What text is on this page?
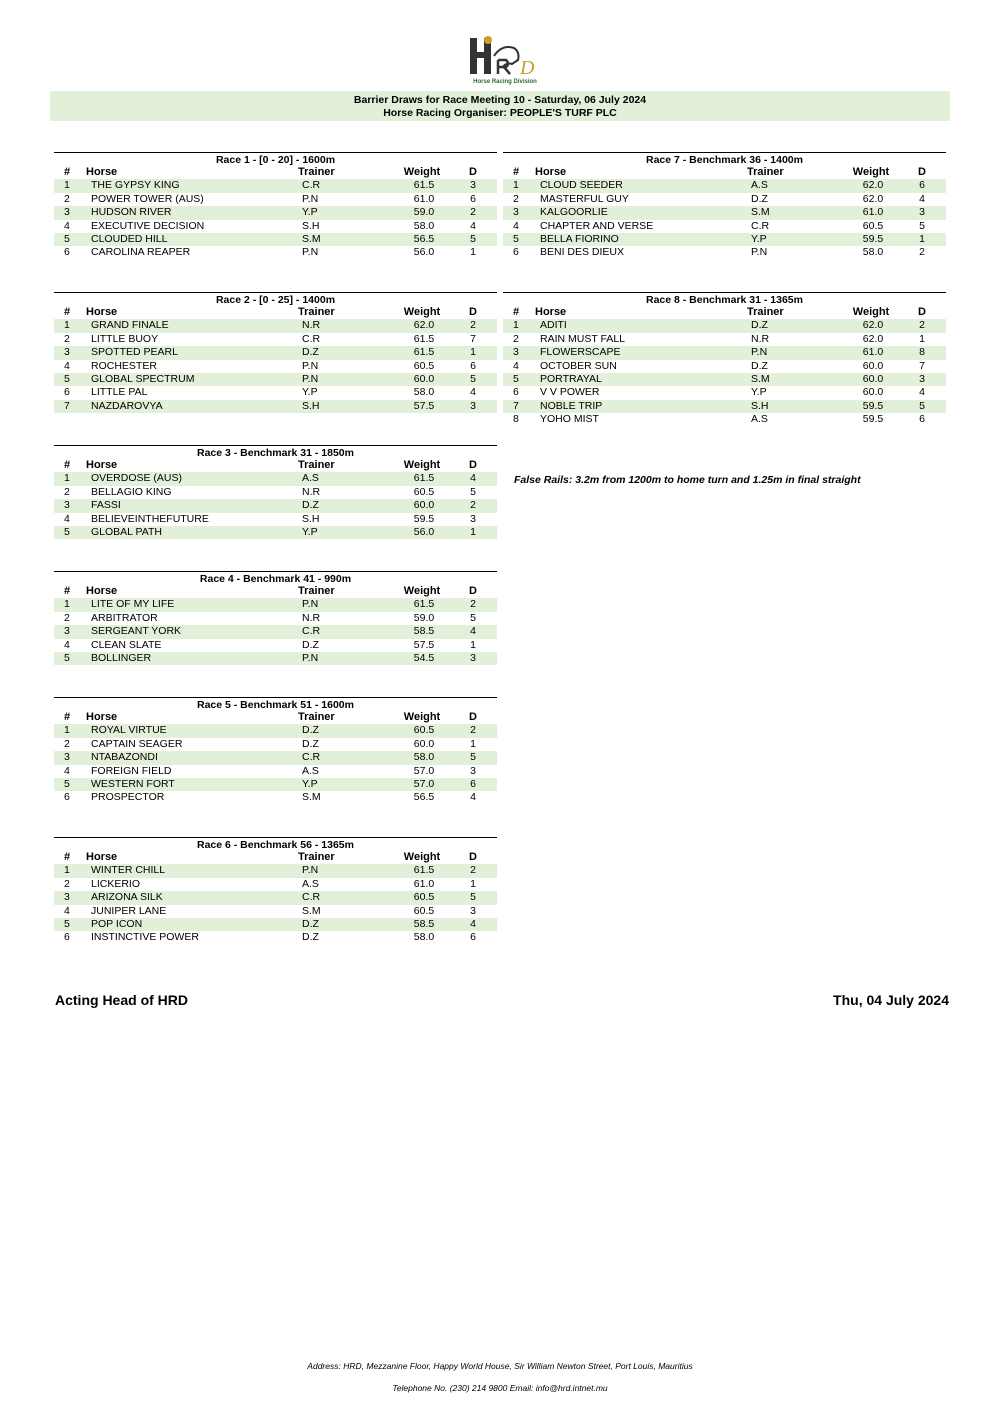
D
Horse Racing Division
Barrier Draws for Race Meeting 10 - Saturday, 06 July 2024
Horse Racing Organiser: PEOPLE'S TURF PLC
Race 1 - [0 - 20] - 1600m
#	Horse	Trainer	Weight	D
1	THE GYPSY KING	C.R	61.5	3
2	POWER TOWER (AUS)	P.N	61.0	6
3	HUDSON RIVER	Y.P	59.0	2
4	EXECUTIVE DECISION	S.H	58.0	4
5	CLOUDED HILL	S.M	56.5	5
6	CAROLINA REAPER	P.N	56.0	1
Race 2 - [0 - 25] - 1400m
#	Horse	Trainer	Weight	D
1	GRAND FINALE	N.R	62.0	2
2	LITTLE BUOY	C.R	61.5	7
3	SPOTTED PEARL	D.Z	61.5	1
4	ROCHESTER	P.N	60.5	6
5	GLOBAL SPECTRUM	P.N	60.0	5
6	LITTLE PAL	Y.P	58.0	4
7	NAZDAROVYA	S.H	57.5	3
Race 3 - Benchmark 31 - 1850m
#	Horse	Trainer	Weight	D
1	OVERDOSE (AUS)	A.S	61.5	4
2	BELLAGIO KING	N.R	60.5	5
3	FASSI	D.Z	60.0	2
4	BELIEVEINTHEFUTURE	S.H	59.5	3
5	GLOBAL PATH	Y.P	56.0	1
Race 4 - Benchmark 41 - 990m
#	Horse	Trainer	Weight	D
1	LITE OF MY LIFE	P.N	61.5	2
2	ARBITRATOR	N.R	59.0	5
3	SERGEANT YORK	C.R	58.5	4
4	CLEAN SLATE	D.Z	57.5	1
5	BOLLINGER	P.N	54.5	3
Race 5 - Benchmark 51 - 1600m
#	Horse	Trainer	Weight	D
1	ROYAL VIRTUE	D.Z	60.5	2
2	CAPTAIN SEAGER	D.Z	60.0	1
3	NTABAZONDI	C.R	58.0	5
4	FOREIGN FIELD	A.S	57.0	3
5	WESTERN FORT	Y.P	57.0	6
6	PROSPECTOR	S.M	56.5	4
Race 6 - Benchmark 56 - 1365m
#	Horse	Trainer	Weight	D
1	WINTER CHILL	P.N	61.5	2
2	LICKERIO	A.S	61.0	1
3	ARIZONA SILK	C.R	60.5	5
4	JUNIPER LANE	S.M	60.5	3
5	POP ICON	D.Z	58.5	4
6	INSTINCTIVE POWER	D.Z	58.0	6
Race 7 - Benchmark 36 - 1400m
#	Horse	Trainer	Weight	D
1	CLOUD SEEDER	A.S	62.0	6
2	MASTERFUL GUY	D.Z	62.0	4
3	KALGOORLIE	S.M	61.0	3
4	CHAPTER AND VERSE	C.R	60.5	5
5	BELLA FIORINO	Y.P	59.5	1
6	BENI DES DIEUX	P.N	58.0	2
Race 8 - Benchmark 31 - 1365m
#	Horse	Trainer	Weight	D
1	ADITI	D.Z	62.0	2
2	RAIN MUST FALL	N.R	62.0	1
3	FLOWERSCAPE	P.N	61.0	8
4	OCTOBER SUN	D.Z	60.0	7
5	PORTRAYAL	S.M	60.0	3
6	V V POWER	Y.P	60.0	4
7	NOBLE TRIP	S.H	59.5	5
8	YOHO MIST	A.S	59.5	6
False Rails: 3.2m from 1200m to home turn and 1.25m in final straight
Acting Head of HRD	Thu, 04 July 2024
Address: HRD, Mezzanine Floor, Happy World House, Sir William Newton Street, Port Louis, Mauritius
Telephone No. (230) 214 9800 Email: info@hrd.intnet.mu
